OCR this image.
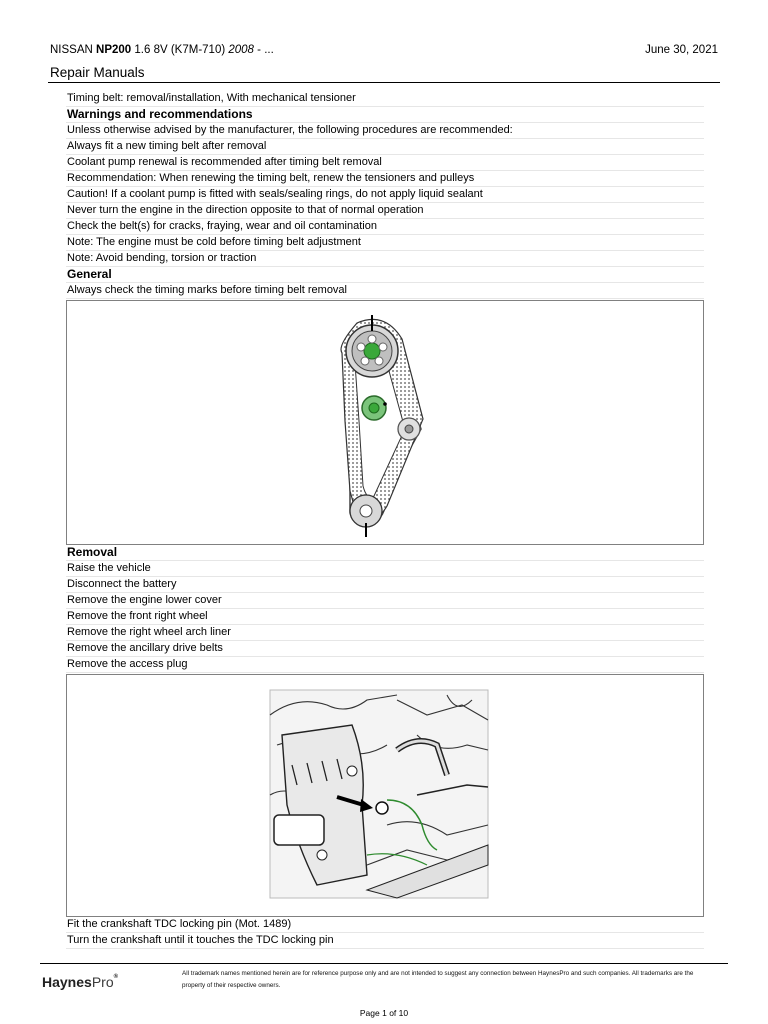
NISSAN NP200 1.6 8V (K7M-710) 2008 - ...	June 30, 2021
Repair Manuals
Timing belt: removal/installation, With mechanical tensioner
Warnings and recommendations
Unless otherwise advised by the manufacturer, the following procedures are recommended:
Always fit a new timing belt after removal
Coolant pump renewal is recommended after timing belt removal
Recommendation: When renewing the timing belt, renew the tensioners and pulleys
Caution! If a coolant pump is fitted with seals/sealing rings, do not apply liquid sealant
Never turn the engine in the direction opposite to that of normal operation
Check the belt(s) for cracks, fraying, wear and oil contamination
Note: The engine must be cold before timing belt adjustment
Note: Avoid bending, torsion or traction
General
Always check the timing marks before timing belt removal
Removal
Raise the vehicle
Disconnect the battery
Remove the engine lower cover
Remove the front right wheel
Remove the right wheel arch liner
Remove the ancillary drive belts
Remove the access plug
Fit the crankshaft TDC locking pin (Mot. 1489)
Turn the crankshaft until it touches the TDC locking pin
HaynesPro®	All trademark names mentioned herein are for reference purpose only and are not intended to suggest any connection between HaynesPro and such companies. All trademarks are the property of their respective owners.
Page 1 of 10
